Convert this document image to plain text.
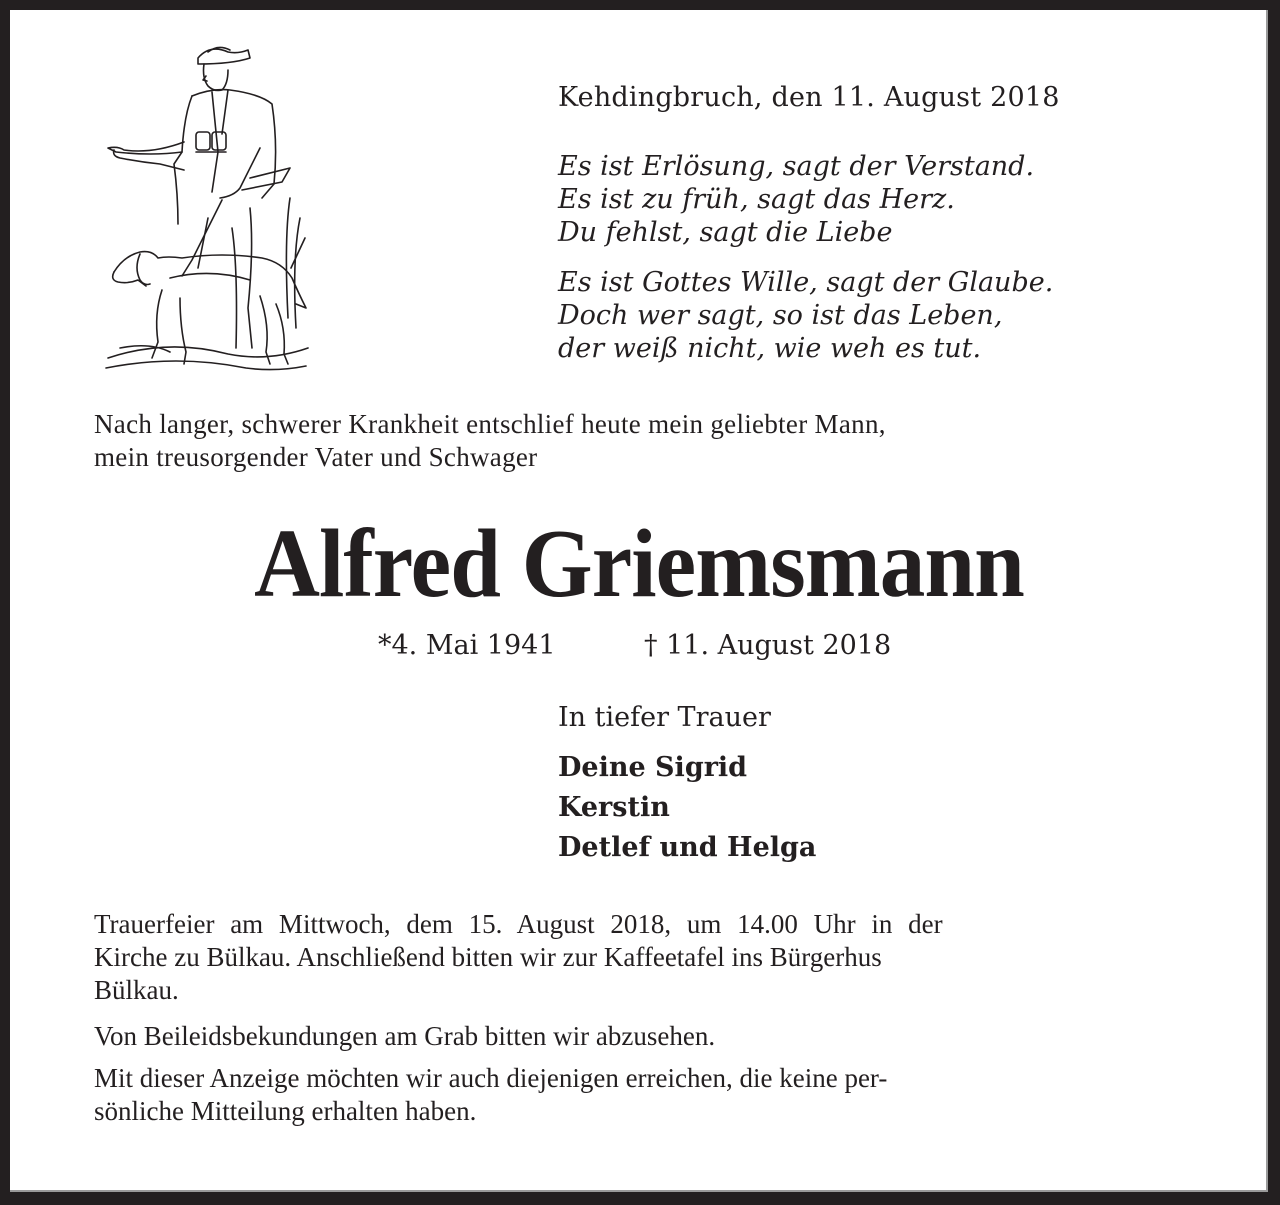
Kehdingbruch, den 11. August 2018
Es ist Erlösung, sagt der Verstand.
Es ist zu früh, sagt das Herz.
Du fehlst, sagt die Liebe
Es ist Gottes Wille, sagt der Glaube.
Doch wer sagt, so ist das Leben,
der weiß nicht, wie weh es tut.
Nach langer, schwerer Krankheit entschlief heute mein geliebter Mann,
mein treusorgender Vater und Schwager
Alfred Griemsmann
*4. Mai 1941	† 11. August 2018
In tiefer Trauer
Deine Sigrid
Kerstin
Detlef und Helga
Trauerfeier am Mittwoch, dem 15. August 2018, um 14.00 Uhr in der
Kirche zu Bülkau. Anschließend bitten wir zur Kaffeetafel ins Bürgerhus
Bülkau.
Von Beileidsbekundungen am Grab bitten wir abzusehen.
Mit dieser Anzeige möchten wir auch diejenigen erreichen, die keine per-
sönliche Mitteilung erhalten haben.
